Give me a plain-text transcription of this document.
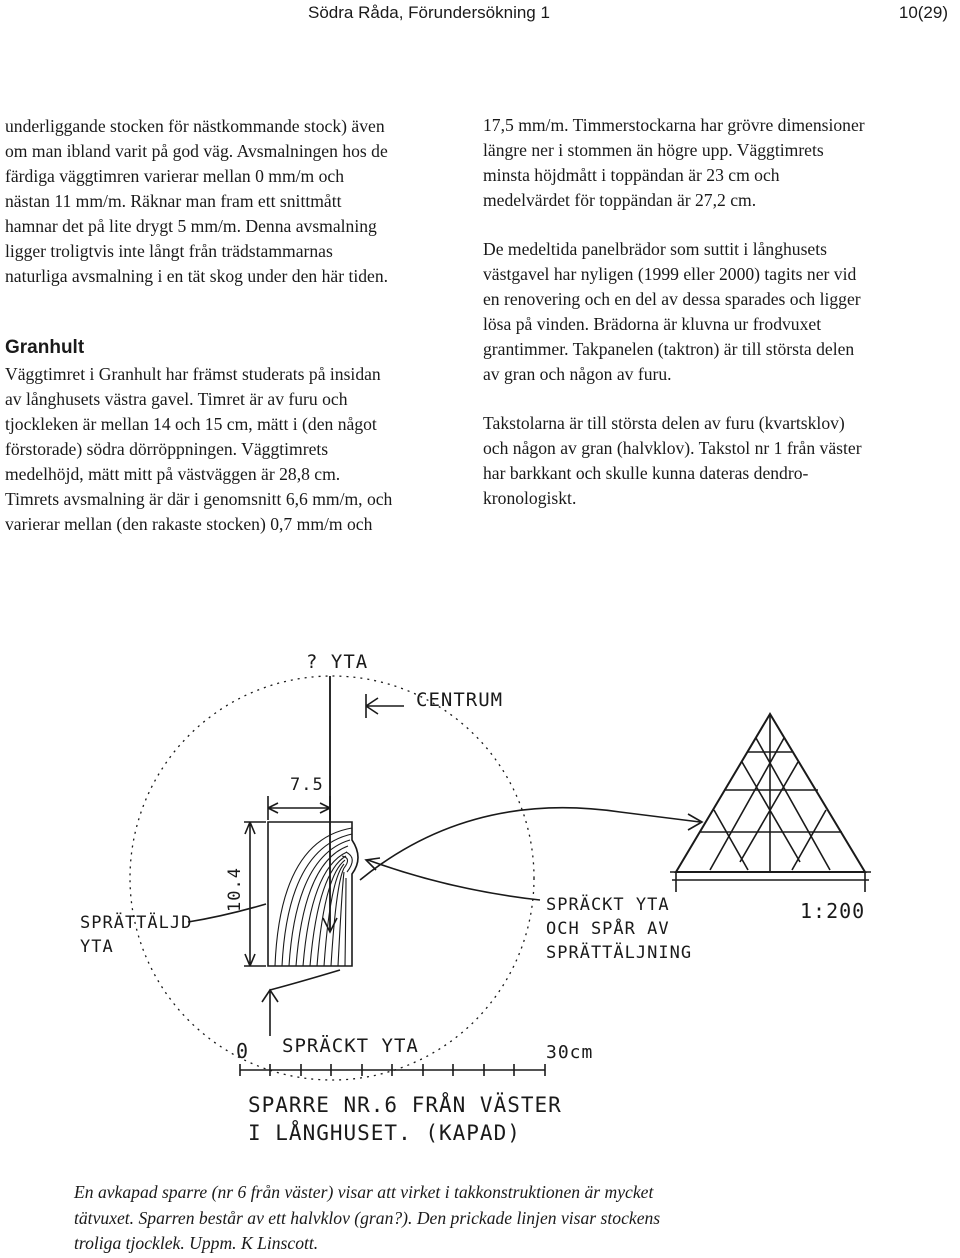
Södra Råda, Förundersökning 1	10(29)

underliggande stocken för nästkommande stock) även
om man ibland varit på god väg. Avsmalningen hos de
färdiga väggtimren varierar mellan 0 mm/m och
nästan 11 mm/m. Räknar man fram ett snittmått
hamnar det på lite drygt 5 mm/m. Denna avsmalning
ligger troligtvis inte långt från trädstammarnas
naturliga avsmalning i en tät skog under den här tiden.

Granhult

Väggtimret i Granhult har främst studerats på insidan
av långhusets västra gavel. Timret är av furu och
tjockleken är mellan 14 och 15 cm, mätt i (den något
förstorade) södra dörröppningen. Väggtimrets
medelhöjd, mätt mitt på västväggen är 28,8 cm.
Timrets avsmalning är där i genomsnitt 6,6 mm/m, och
varierar mellan (den rakaste stocken) 0,7 mm/m och

17,5 mm/m. Timmerstockarna har grövre dimensioner
längre ner i stommen än högre upp. Väggtimrets
minsta höjdmått i toppändan är 23 cm och
medelvärdet för toppändan är 27,2 cm.

De medeltida panelbrädor som suttit i långhusets
västgavel har nyligen (1999 eller 2000) tagits ner vid
en renovering och en del av dessa sparades och ligger
lösa på vinden. Brädorna är kluvna ur frodvuxet
grantimmer. Takpanelen (taktron) är till största delen
av gran och någon av furu.

Takstolarna är till största delen av furu (kvartsklov)
och någon av gran (halvklov). Takstol nr 1 från väster
har barkkant och skulle kunna dateras dendro-
kronologiskt.

? YTA
CENTRUM
7.5
10.4
SPRÄTTÄLJD
YTA
SPRÄCKT YTA
OCH SPÅR AV
SPRÄTTÄLJNING
1:200
0 SPRÄCKT YTA	30cm
SPARRE NR.6 FRÅN VÄSTER
I LÅNGHUSET. (KAPAD)
En avkapad sparre (nr 6 från väster) visar att virket i takkonstruktionen är mycket
tätvuxet. Sparren består av ett halvklov (gran?). Den prickade linjen visar stockens
troliga tjocklek. Uppm. K Linscott.
